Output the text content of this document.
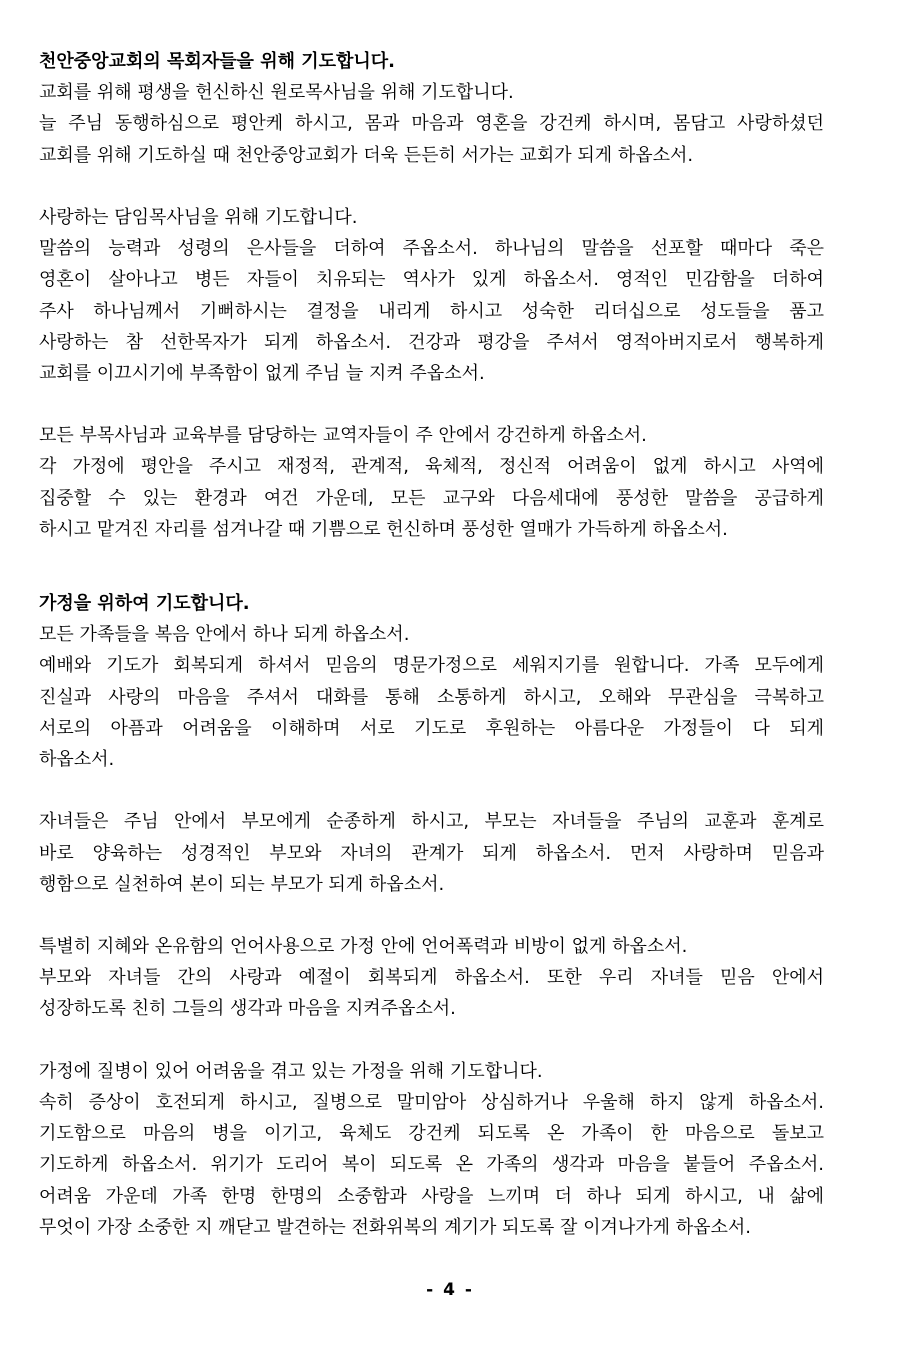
천안중앙교회의 목회자들을 위해 기도합니다.
교회를 위해 평생을 헌신하신 원로목사님을 위해 기도합니다.
늘 주님 동행하심으로 평안케 하시고, 몸과 마음과 영혼을 강건케 하시며, 몸담고 사랑하셨던
교회를 위해 기도하실 때 천안중앙교회가 더욱 든든히 서가는 교회가 되게 하옵소서.
사랑하는 담임목사님을 위해 기도합니다.
말씀의 능력과 성령의 은사들을 더하여 주옵소서. 하나님의 말씀을 선포할 때마다 죽은
영혼이 살아나고 병든 자들이 치유되는 역사가 있게 하옵소서. 영적인 민감함을 더하여
주사 하나님께서 기뻐하시는 결정을 내리게 하시고 성숙한 리더십으로 성도들을 품고
사랑하는 참 선한목자가 되게 하옵소서. 건강과 평강을 주셔서 영적아버지로서 행복하게
교회를 이끄시기에 부족함이 없게 주님 늘 지켜 주옵소서.
모든 부목사님과 교육부를 담당하는 교역자들이 주 안에서 강건하게 하옵소서.
각 가정에 평안을 주시고 재정적, 관계적, 육체적, 정신적 어려움이 없게 하시고 사역에
집중할 수 있는 환경과 여건 가운데, 모든 교구와 다음세대에 풍성한 말씀을 공급하게
하시고 맡겨진 자리를 섬겨나갈 때 기쁨으로 헌신하며 풍성한 열매가 가득하게 하옵소서.
가정을 위하여 기도합니다.
모든 가족들을 복음 안에서 하나 되게 하옵소서.
예배와 기도가 회복되게 하셔서 믿음의 명문가정으로 세워지기를 원합니다. 가족 모두에게
진실과 사랑의 마음을 주셔서 대화를 통해 소통하게 하시고, 오해와 무관심을 극복하고
서로의 아픔과 어려움을 이해하며 서로 기도로 후원하는 아름다운 가정들이 다 되게
하옵소서.
자녀들은 주님 안에서 부모에게 순종하게 하시고, 부모는 자녀들을 주님의 교훈과 훈계로
바로 양육하는 성경적인 부모와 자녀의 관계가 되게 하옵소서. 먼저 사랑하며 믿음과
행함으로 실천하여 본이 되는 부모가 되게 하옵소서.
특별히 지혜와 온유함의 언어사용으로 가정 안에 언어폭력과 비방이 없게 하옵소서.
부모와 자녀들 간의 사랑과 예절이 회복되게 하옵소서. 또한 우리 자녀들 믿음 안에서
성장하도록 친히 그들의 생각과 마음을 지켜주옵소서.
가정에 질병이 있어 어려움을 겪고 있는 가정을 위해 기도합니다.
속히 증상이 호전되게 하시고, 질병으로 말미암아 상심하거나 우울해 하지 않게 하옵소서.
기도함으로 마음의 병을 이기고, 육체도 강건케 되도록 온 가족이 한 마음으로 돌보고
기도하게 하옵소서. 위기가 도리어 복이 되도록 온 가족의 생각과 마음을 붙들어 주옵소서.
어려움 가운데 가족 한명 한명의 소중함과 사랑을 느끼며 더 하나 되게 하시고, 내 삶에
무엇이 가장 소중한 지 깨닫고 발견하는 전화위복의 계기가 되도록 잘 이겨나가게 하옵소서.
- 4 -
